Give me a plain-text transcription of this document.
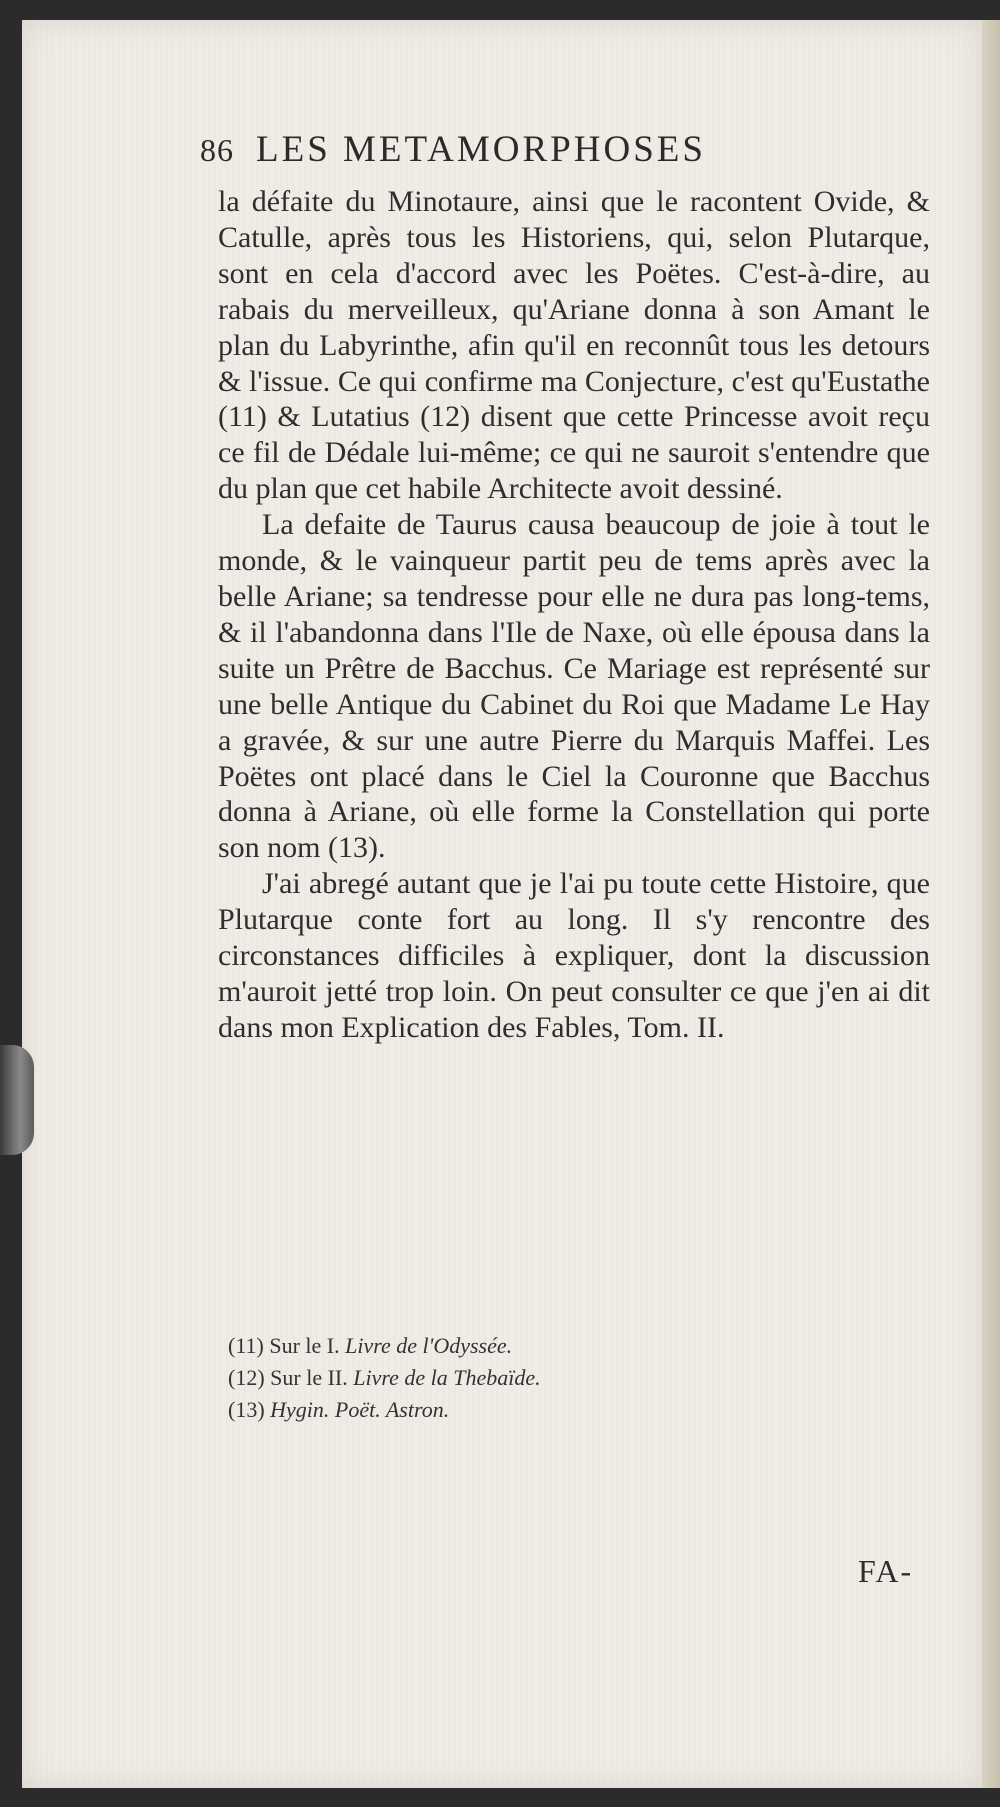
86 LES METAMORPHOSES

la défaite du Minotaure, ainsi que le racontent Ovide, & Catulle, après tous les Historiens, qui, selon Plutarque, sont en cela d'accord avec les Poëtes. C'est-à-dire, au rabais du merveilleux, qu'Ariane donna à son Amant le plan du Labyrinthe, afin qu'il en reconnût tous les detours & l'issue. Ce qui confirme ma Conjecture, c'est qu'Eustathe (11) & Lutatius (12) disent que cette Princesse avoit reçu ce fil de Dédale lui-même; ce qui ne sauroit s'entendre que du plan que cet habile Architecte avoit dessiné.

La defaite de Taurus causa beaucoup de joie à tout le monde, & le vainqueur partit peu de tems après avec la belle Ariane; sa tendresse pour elle ne dura pas long-tems, & il l'abandonna dans l'Ile de Naxe, où elle épousa dans la suite un Prêtre de Bacchus. Ce Mariage est représenté sur une belle Antique du Cabinet du Roi que Madame Le Hay a gravée, & sur une autre Pierre du Marquis Maffei. Les Poëtes ont placé dans le Ciel la Couronne que Bacchus donna à Ariane, où elle forme la Constellation qui porte son nom (13).

J'ai abregé autant que je l'ai pu toute cette Histoire, que Plutarque conte fort au long. Il s'y rencontre des circonstances difficiles à expliquer, dont la discussion m'auroit jetté trop loin. On peut consulter ce que j'en ai dit dans mon Explication des Fables, Tom. II.

(11) Sur le I. Livre de l'Odyssée.
(12) Sur le II. Livre de la Thebaïde.
(13) Hygin. Poët. Astron.
FA-
